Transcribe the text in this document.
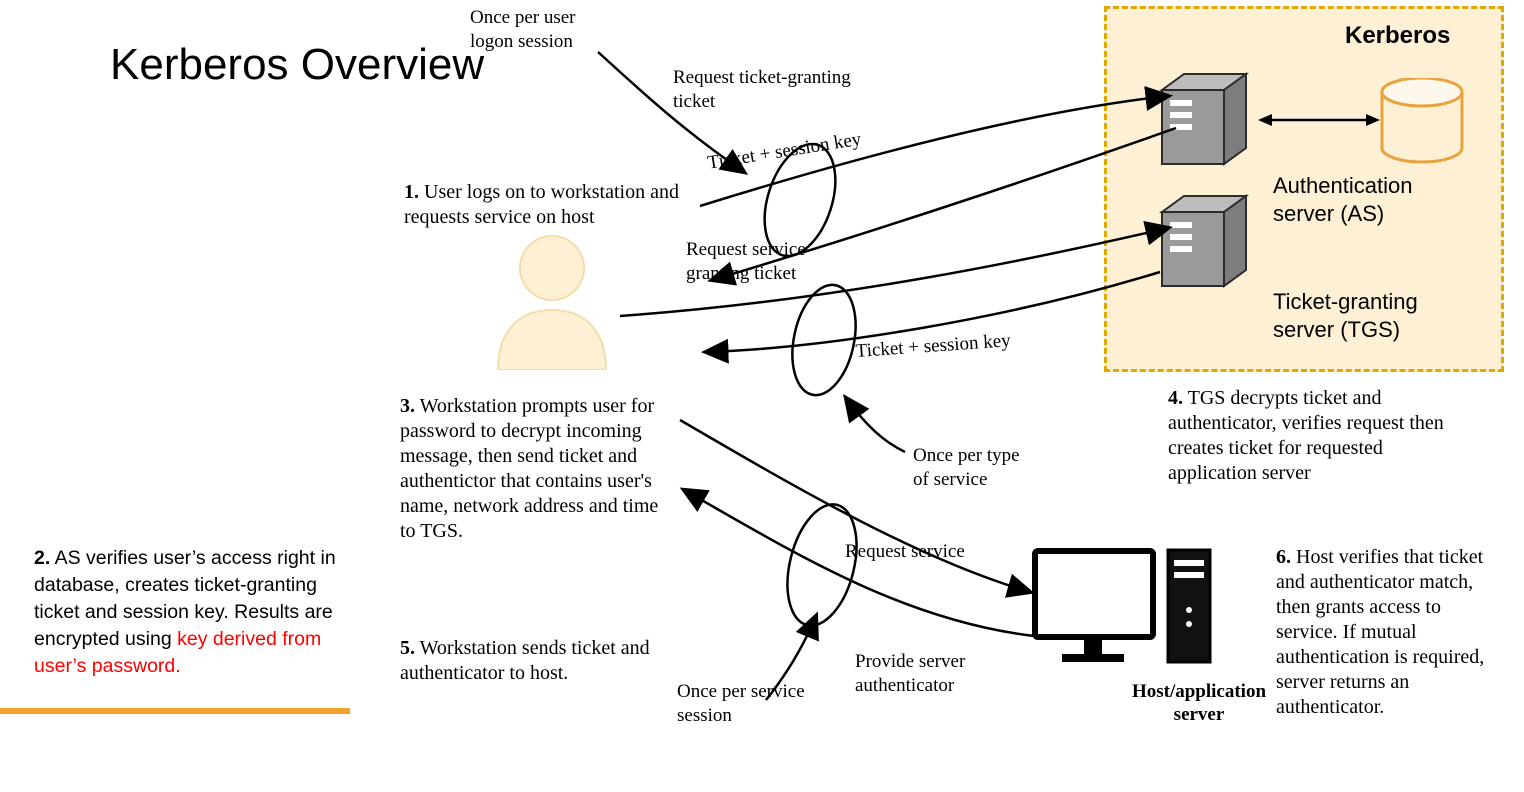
Kerberos
Authentication
server (AS)
Ticket-granting
server (TGS)
Kerberos Overview
Host/application
server
Once per user
logon session
Request ticket-granting
ticket
Ticket + session key
Request service-
granting ticket
Ticket + session key
Once per type
of service
Request service
Provide server
authenticator
Once per service
session
1. User logs on to workstation and requests service on host
3. Workstation prompts user for password to decrypt incoming message, then send ticket and authentictor that contains user's name, network address and time to TGS.
4. TGS decrypts ticket and authenticator, verifies request then creates ticket for requested application server
5. Workstation sends ticket and authenticator to host.
6. Host verifies that ticket and authenticator match, then grants access to service. If mutual authentication is required, server returns an authenticator.
2. AS verifies user’s access right in database, creates ticket-granting ticket and session key. Results are encrypted using key derived from user’s password.
